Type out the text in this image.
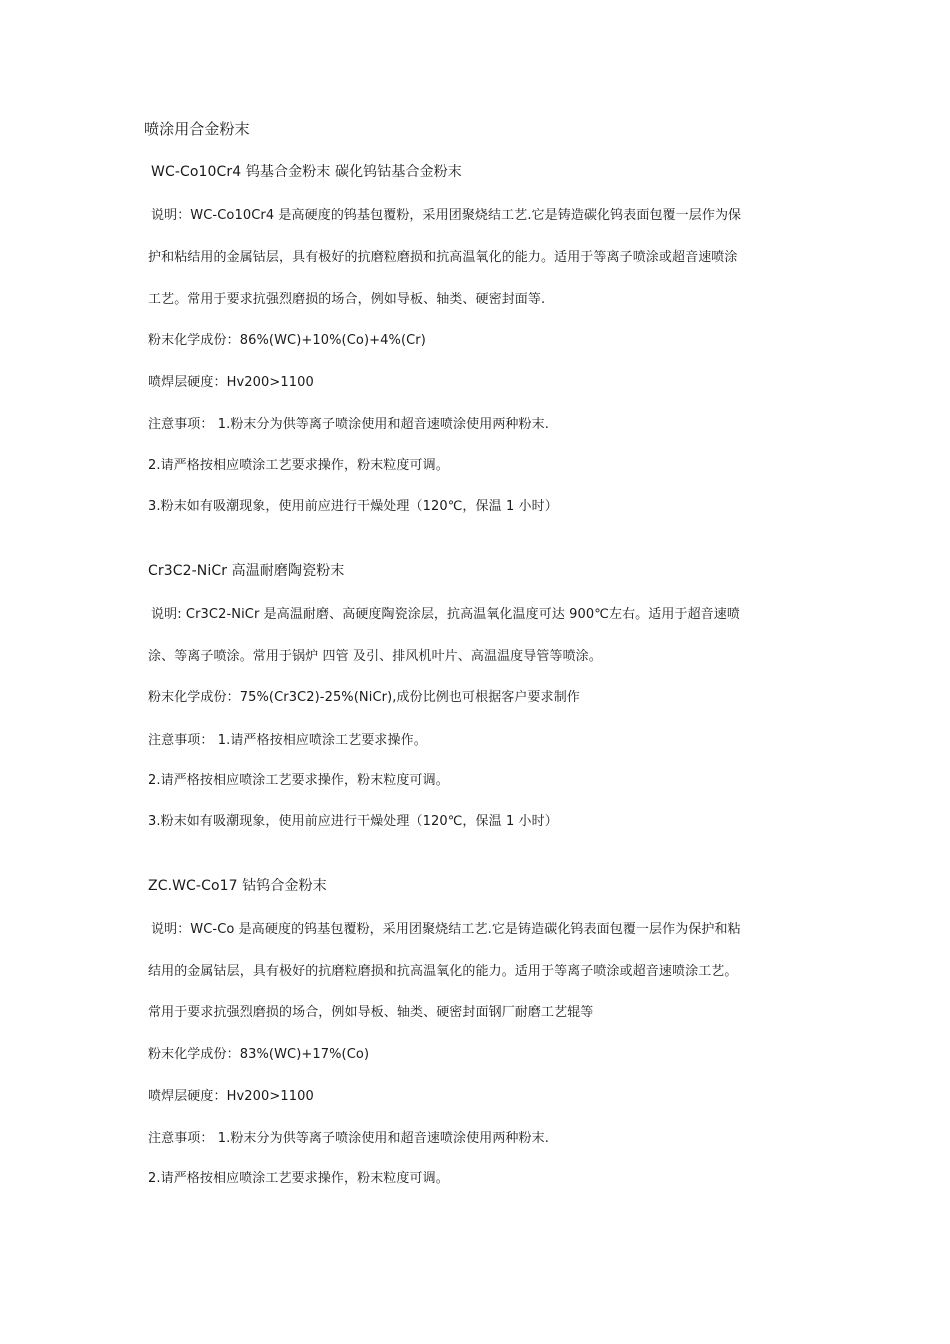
喷涂用合金粉末
WC-Co10Cr4 钨基合金粉末 碳化钨钴基合金粉末
说明：WC-Co10Cr4 是高硬度的钨基包覆粉，采用团聚烧结工艺.它是铸造碳化钨表面包覆一层作为保
护和粘结用的金属钴层，具有极好的抗磨粒磨损和抗高温氧化的能力。适用于等离子喷涂或超音速喷涂
工艺。常用于要求抗强烈磨损的场合，例如导板、轴类、硬密封面等.
粉末化学成份：86%(WC)+10%(Co)+4%(Cr)
喷焊层硬度：Hv200>1100
注意事项： 1.粉末分为供等离子喷涂使用和超音速喷涂使用两种粉末.
2.请严格按相应喷涂工艺要求操作，粉末粒度可调。
3.粉末如有吸潮现象，使用前应进行干燥处理（120℃，保温 1 小时）
Cr3C2-NiCr 高温耐磨陶瓷粉末
说明: Cr3C2-NiCr 是高温耐磨、高硬度陶瓷涂层，抗高温氧化温度可达 900℃左右。适用于超音速喷
涂、等离子喷涂。常用于锅炉 四管 及引、排风机叶片、高温温度导管等喷涂。
粉末化学成份：75%(Cr3C2)-25%(NiCr),成份比例也可根据客户要求制作
注意事项： 1.请严格按相应喷涂工艺要求操作。
2.请严格按相应喷涂工艺要求操作，粉末粒度可调。
3.粉末如有吸潮现象，使用前应进行干燥处理（120℃，保温 1 小时）
ZC.WC-Co17 钴钨合金粉末
说明：WC-Co 是高硬度的钨基包覆粉，采用团聚烧结工艺.它是铸造碳化钨表面包覆一层作为保护和粘
结用的金属钴层，具有极好的抗磨粒磨损和抗高温氧化的能力。适用于等离子喷涂或超音速喷涂工艺。
常用于要求抗强烈磨损的场合，例如导板、轴类、硬密封面钢厂耐磨工艺辊等
粉末化学成份：83%(WC)+17%(Co)
喷焊层硬度：Hv200>1100
注意事项： 1.粉末分为供等离子喷涂使用和超音速喷涂使用两种粉末.
2.请严格按相应喷涂工艺要求操作，粉末粒度可调。
